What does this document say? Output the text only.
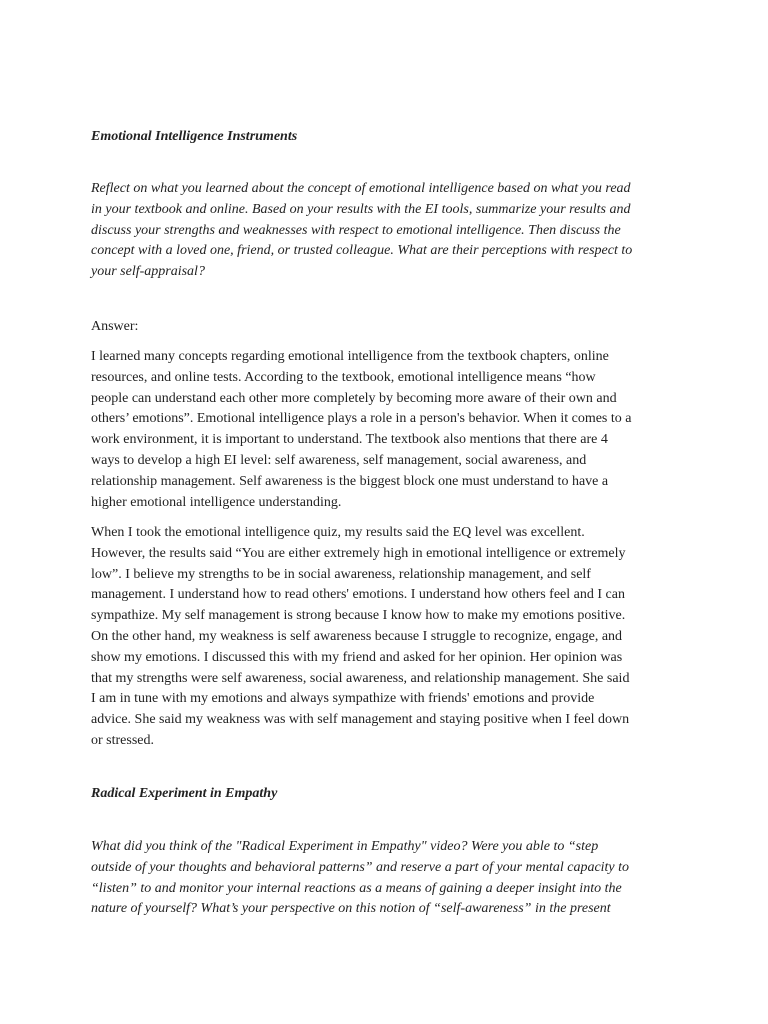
Emotional Intelligence Instruments
Reflect on what you learned about the concept of emotional intelligence based on what you read
in your textbook and online. Based on your results with the EI tools, summarize your results and
discuss your strengths and weaknesses with respect to emotional intelligence. Then discuss the
concept with a loved one, friend, or trusted colleague. What are their perceptions with respect to
your self-appraisal?
Answer:
I learned many concepts regarding emotional intelligence from the textbook chapters, online
resources, and online tests. According to the textbook, emotional intelligence means “how
people can understand each other more completely by becoming more aware of their own and
others’ emotions”. Emotional intelligence plays a role in a person's behavior. When it comes to a
work environment, it is important to understand. The textbook also mentions that there are 4
ways to develop a high EI level: self awareness, self management, social awareness, and
relationship management. Self awareness is the biggest block one must understand to have a
higher emotional intelligence understanding.
When I took the emotional intelligence quiz, my results said the EQ level was excellent.
However, the results said “You are either extremely high in emotional intelligence or extremely
low”. I believe my strengths to be in social awareness, relationship management, and self
management. I understand how to read others' emotions. I understand how others feel and I can
sympathize. My self management is strong because I know how to make my emotions positive.
On the other hand, my weakness is self awareness because I struggle to recognize, engage, and
show my emotions. I discussed this with my friend and asked for her opinion. Her opinion was
that my strengths were self awareness, social awareness, and relationship management. She said
I am in tune with my emotions and always sympathize with friends' emotions and provide
advice. She said my weakness was with self management and staying positive when I feel down
or stressed.
Radical Experiment in Empathy
What did you think of the "Radical Experiment in Empathy" video? Were you able to “step
outside of your thoughts and behavioral patterns” and reserve a part of your mental capacity to
“listen” to and monitor your internal reactions as a means of gaining a deeper insight into the
nature of yourself? What’s your perspective on this notion of “self-awareness” in the present
